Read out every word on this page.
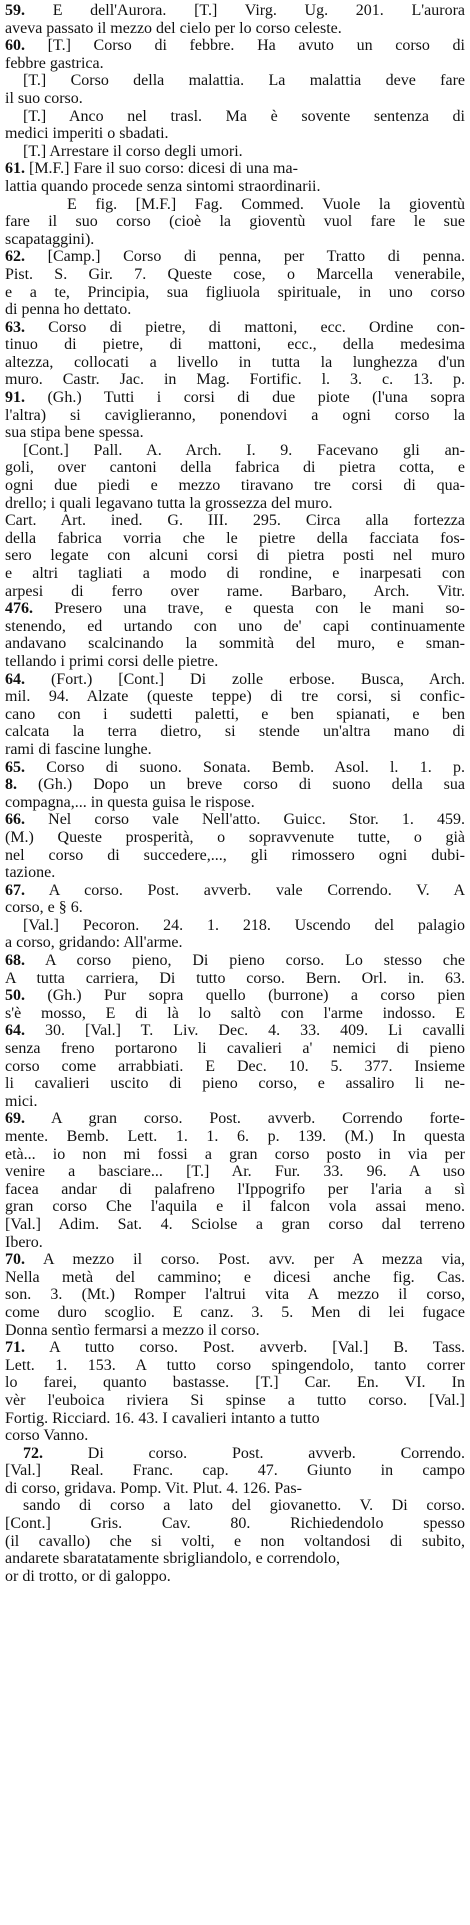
59. E dell'Aurora. [T.] Virg. Ug. 201. L'aurora
aveva passato il mezzo del cielo per lo corso celeste.
60. [T.] Corso di febbre. Ha avuto un corso di
febbre gastrica.
[T.] Corso della malattia. La malattia deve fare
il suo corso.
[T.] Anco nel trasl. Ma è sovente sentenza di
medici imperiti o sbadati.
[T.] Arrestare il corso degli umori.
61. [M.F.] Fare il suo corso: dicesi di una ma-
lattia quando procede senza sintomi straordinarii.
E fig. [M.F.] Fag. Commed. Vuole la gioventù
fare il suo corso (cioè la gioventù vuol fare le sue
scapataggini).
62. [Camp.] Corso di penna, per Tratto di penna.
Pist. S. Gir. 7. Queste cose, o Marcella venerabile,
e a te, Principia, sua figliuola spirituale, in uno corso
di penna ho dettato.
63. Corso di pietre, di mattoni, ecc. Ordine con-
tinuo di pietre, di mattoni, ecc., della medesima
altezza, collocati a livello in tutta la lunghezza d'un
muro. Castr. Jac. in Mag. Fortific. l. 3. c. 13. p.
91. (Gh.) Tutti i corsi di due piote (l'una sopra
l'altra) si caviglieranno, ponendovi a ogni corso la
sua stipa bene spessa.
[Cont.] Pall. A. Arch. I. 9. Facevano gli an-
goli, over cantoni della fabrica di pietra cotta, e
ogni due piedi e mezzo tiravano tre corsi di qua-
drello; i quali legavano tutta la grossezza del muro.
Cart. Art. ined. G. III. 295. Circa alla fortezza
della fabrica vorria che le pietre della facciata fos-
sero legate con alcuni corsi di pietra posti nel muro
e altri tagliati a modo di rondine, e inarpesati con
arpesi di ferro over rame. Barbaro, Arch. Vitr.
476. Presero una trave, e questa con le mani so-
stenendo, ed urtando con uno de' capi continuamente
andavano scalcinando la sommità del muro, e sman-
tellando i primi corsi delle pietre.
64. (Fort.) [Cont.] Di zolle erbose. Busca, Arch.
mil. 94. Alzate (queste teppe) di tre corsi, si confic-
cano con i sudetti paletti, e ben spianati, e ben
calcata la terra dietro, si stende un'altra mano di
rami di fascine lunghe.
65. Corso di suono. Sonata. Bemb. Asol. l. 1. p.
8. (Gh.) Dopo un breve corso di suono della sua
compagna,... in questa guisa le rispose.
66. Nel corso vale Nell'atto. Guicc. Stor. 1. 459.
(M.) Queste prosperità, o sopravvenute tutte, o già
nel corso di succedere,..., gli rimossero ogni dubi-
tazione.
67. A corso. Post. avverb. vale Correndo. V. A
corso, e § 6.
[Val.] Pecoron. 24. 1. 218. Uscendo del palagio
a corso, gridando: All'arme.
68. A corso pieno, Di pieno corso. Lo stesso che
A tutta carriera, Di tutto corso. Bern. Orl. in. 63.
50. (Gh.) Pur sopra quello (burrone) a corso pien
s'è mosso, E di là lo saltò con l'arme indosso. E
64. 30. [Val.] T. Liv. Dec. 4. 33. 409. Li cavalli
senza freno portarono li cavalieri a' nemici di pieno
corso come arrabbiati. E Dec. 10. 5. 377. Insieme
li cavalieri uscito di pieno corso, e assaliro li ne-
mici.
69. A gran corso. Post. avverb. Correndo forte-
mente. Bemb. Lett. 1. 1. 6. p. 139. (M.) In questa
età... io non mi fossi a gran corso posto in via per
venire a basciare... [T.] Ar. Fur. 33. 96. A uso
facea andar di palafreno l'Ippogrifo per l'aria a sì
gran corso Che l'aquila e il falcon vola assai meno.
[Val.] Adim. Sat. 4. Sciolse a gran corso dal terreno
Ibero.
70. A mezzo il corso. Post. avv. per A mezza via,
Nella metà del cammino; e dicesi anche fig. Cas.
son. 3. (Mt.) Romper l'altrui vita A mezzo il corso,
come duro scoglio. E canz. 3. 5. Men di lei fugace
Donna sentìo fermarsi a mezzo il corso.
71. A tutto corso. Post. avverb. [Val.] B. Tass.
Lett. 1. 153. A tutto corso spingendolo, tanto correr
lo farei, quanto bastasse. [T.] Car. En. VI. In
vèr l'euboica riviera Si spinse a tutto corso. [Val.]
Fortig. Ricciard. 16. 43. I cavalieri intanto a tutto
corso Vanno.
72. Di corso. Post. avverb. Correndo.
[Val.] Real. Franc. cap. 47. Giunto in campo
di corso, gridava. Pomp. Vit. Plut. 4. 126. Pas-
sando di corso a lato del giovanetto. V. Di corso.
[Cont.] Gris. Cav. 80. Richiedendolo spesso
(il cavallo) che si volti, e non voltandosi di subito,
andarete sbaratatamente sbrigliandolo, e correndolo,
or di trotto, or di galoppo.
